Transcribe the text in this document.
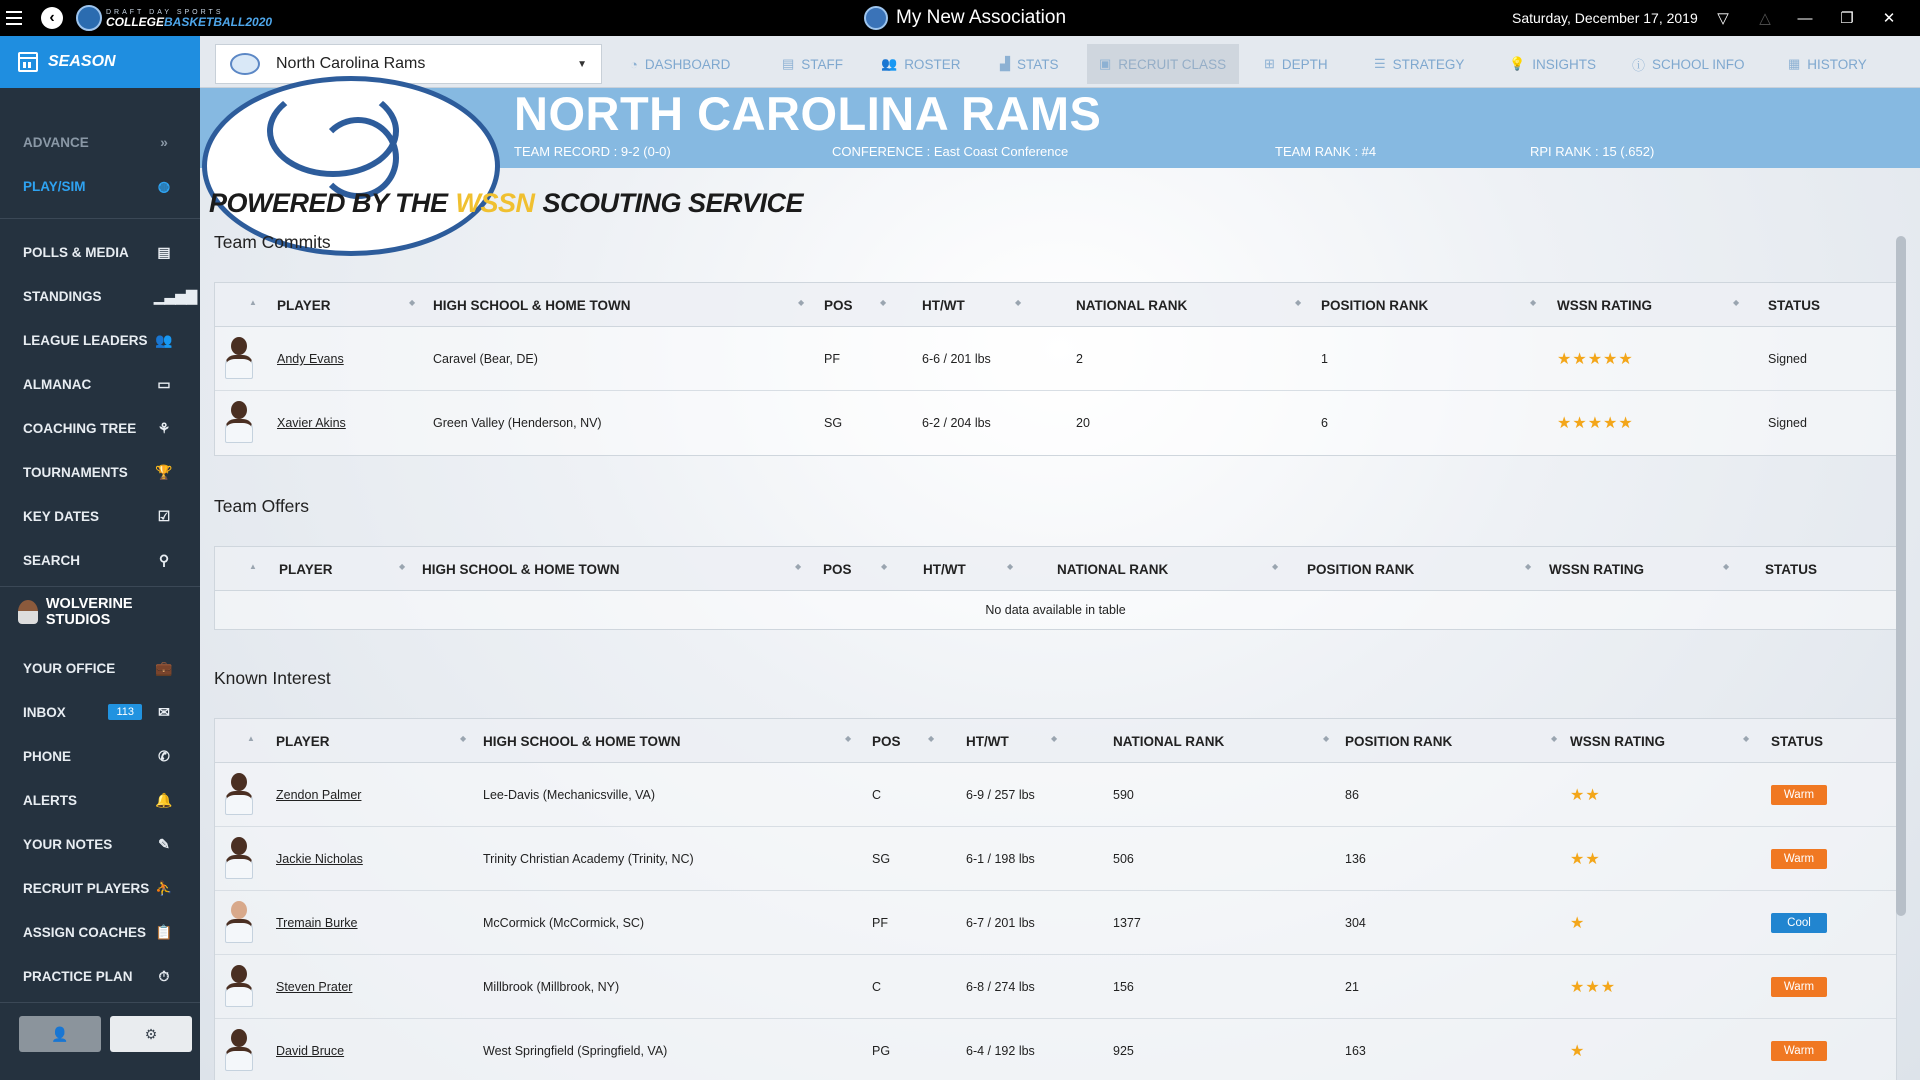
‹	DRAFT DAY SPORTS
COLLEGEBASKETBALL2020	My New Association	Saturday, December 17, 2019	▽	△	—	❐	✕
SEASON
ADVANCE	»
PLAY/SIM	◍
POLLS & MEDIA ▤
STANDINGS	▁▃▅▇
LEAGUE LEADERS 👥
ALMANAC	▭
COACHING TREE ⚘
TOURNAMENTS 🏆
KEY DATES	☑
SEARCH	⚲
WOLVERINE STUDIOS
YOUR OFFICE	💼
INBOX	113	✉
PHONE	✆
ALERTS	🔔
YOUR NOTES	✎
RECRUIT PLAYERS ⛹
ASSIGN COACHES 📋
PRACTICE PLAN	⏱
👤	⚙
North Carolina Rams	▼	◔ DASHBOARD	▤ STAFF	👥 ROSTER	▟ STATS	▣ RECRUIT CLASS	⊞ DEPTH	☰ STRATEGY	💡 INSIGHTS	ⓘ SCHOOL INFO	▦ HISTORY
NORTH CAROLINA RAMS
TEAM RECORD : 9-2 (0-0)	CONFERENCE : East Coast Conference	TEAM RANK : #4	RPI RANK : 15 (.652)
POWERED BY THE WSSN SCOUTING SERVICE
Team Commits
▲ PLAYER	◆ HIGH SCHOOL & HOME TOWN	◆ POS	◆	HT/WT	◆	NATIONAL RANK	◆ POSITION RANK	◆ WSSN RATING	◆ STATUS
Andy Evans	Caravel (Bear, DE)	PF	6-6 / 201 lbs	2	1	★★★★★	Signed
Xavier Akins	Green Valley (Henderson, NV)	SG	6-2 / 204 lbs	20	6	★★★★★	Signed
Team Offers
▲ PLAYER	◆ HIGH SCHOOL & HOME TOWN	◆ POS	◆	HT/WT	◆	NATIONAL RANK	◆ POSITION RANK	◆ WSSN RATING	◆	STATUS
No data available in table
Known Interest
▲ PLAYER	◆ HIGH SCHOOL & HOME TOWN	◆ POS	◆ HT/WT	◆	NATIONAL RANK	◆ POSITION RANK	◆ WSSN RATING	◆ STATUS
Zendon Palmer	Lee-Davis (Mechanicsville, VA)	C	6-9 / 257 lbs	590	86	★★	Warm
Jackie Nicholas	Trinity Christian Academy (Trinity, NC)	SG	6-1 / 198 lbs	506	136	★★	Warm
Tremain Burke	McCormick (McCormick, SC)	PF	6-7 / 201 lbs	1377	304	★	Cool
Steven Prater	Millbrook (Millbrook, NY)	C	6-8 / 274 lbs	156	21	★★★	Warm
David Bruce	West Springfield (Springfield, VA)	PG	6-4 / 192 lbs	925	163	★	Warm
